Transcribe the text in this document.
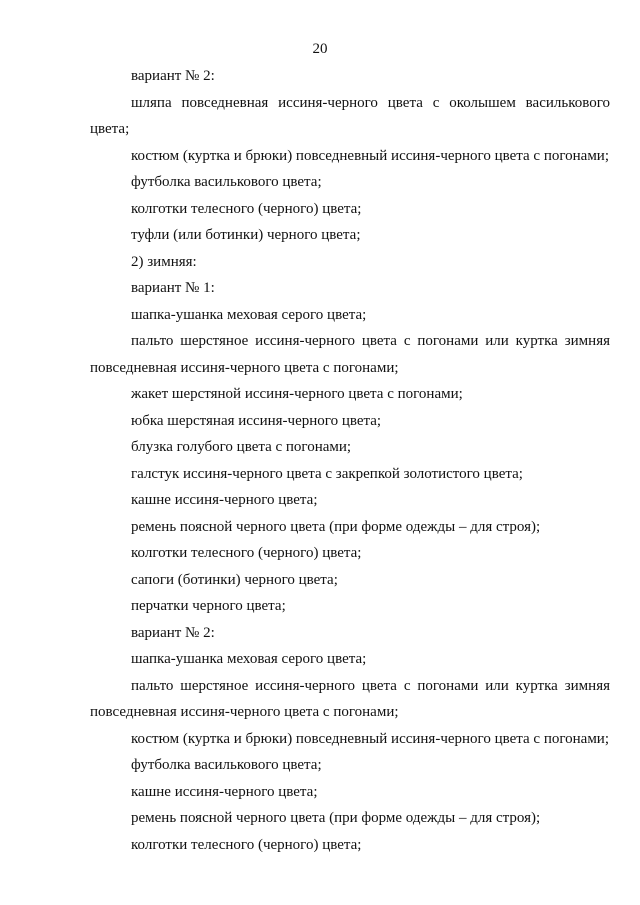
20

вариант № 2:

шляпа повседневная иссиня-черного цвета с околышем василькового цвета;

костюм (куртка и брюки) повседневный иссиня-черного цвета с погонами;

футболка василькового цвета;

колготки телесного (черного) цвета;

туфли (или ботинки) черного цвета;

2) зимняя:

вариант № 1:

шапка-ушанка меховая серого цвета;

пальто шерстяное иссиня-черного цвета с погонами или куртка зимняя повседневная иссиня-черного цвета с погонами;

жакет шерстяной иссиня-черного цвета с погонами;

юбка шерстяная иссиня-черного цвета;

блузка голубого цвета с погонами;

галстук иссиня-черного цвета с закрепкой золотистого цвета;

кашне иссиня-черного цвета;

ремень поясной черного цвета (при форме одежды – для строя);

колготки телесного (черного) цвета;

сапоги (ботинки) черного цвета;

перчатки черного цвета;

вариант № 2:

шапка-ушанка меховая серого цвета;

пальто шерстяное иссиня-черного цвета с погонами или куртка зимняя повседневная иссиня-черного цвета с погонами;

костюм (куртка и брюки) повседневный иссиня-черного цвета с погонами;

футболка василькового цвета;

кашне иссиня-черного цвета;

ремень поясной черного цвета (при форме одежды – для строя);

колготки телесного (черного) цвета;
